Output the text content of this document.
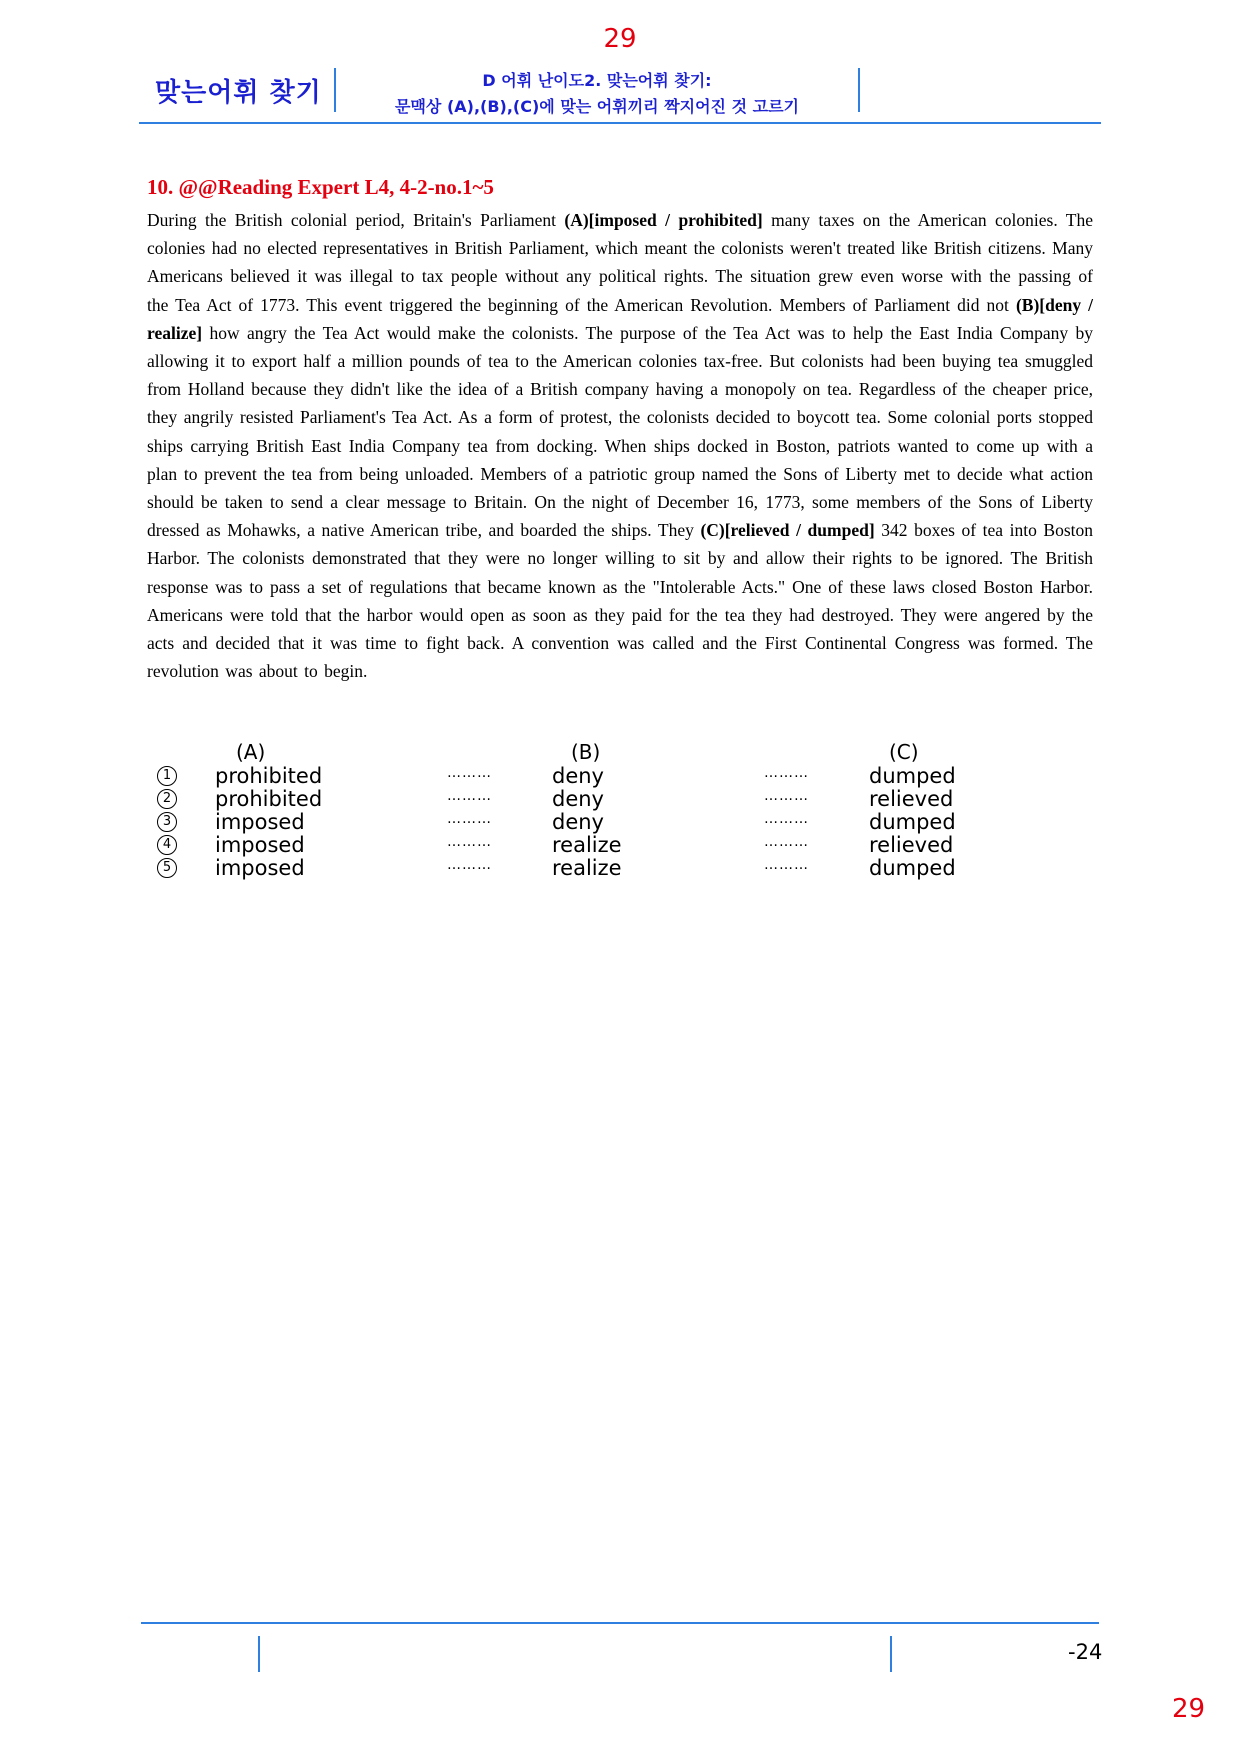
29
맞는어휘 찾기	D 어휘 난이도2. 맞는어휘 찾기:
문맥상 (A),(B),(C)에 맞는 어휘끼리 짝지어진 것 고르기
10. @@Reading Expert L4, 4-2-no.1~5
During the British colonial period, Britain's Parliament (A)[imposed / prohibited] many taxes on the American colonies. The colonies had no elected representatives in British Parliament, which meant the colonists weren't treated like British citizens. Many Americans believed it was illegal to tax people without any political rights. The situation grew even worse with the passing of the Tea Act of 1773. This event triggered the beginning of the American Revolution. Members of Parliament did not (B)[deny / realize] how angry the Tea Act would make the colonists. The purpose of the Tea Act was to help the East India Company by allowing it to export half a million pounds of tea to the American colonies tax-free. But colonists had been buying tea smuggled from Holland because they didn't like the idea of a British company having a monopoly on tea. Regardless of the cheaper price, they angrily resisted Parliament's Tea Act. As a form of protest, the colonists decided to boycott tea. Some colonial ports stopped ships carrying British East India Company tea from docking. When ships docked in Boston, patriots wanted to come up with a plan to prevent the tea from being unloaded. Members of a patriotic group named the Sons of Liberty met to decide what action should be taken to send a clear message to Britain. On the night of December 16, 1773, some members of the Sons of Liberty dressed as Mohawks, a native American tribe, and boarded the ships. They (C)[relieved / dumped] 342 boxes of tea into Boston Harbor. The colonists demonstrated that they were no longer willing to sit by and allow their rights to be ignored. The British response was to pass a set of regulations that became known as the "Intolerable Acts." One of these laws closed Boston Harbor. Americans were told that the harbor would open as soon as they paid for the tea they had destroyed. They were angered by the acts and decided that it was time to fight back. A convention was called and the First Continental Congress was formed. The revolution was about to begin.
(A)	(B)	(C)
1 prohibited	………	deny	………	dumped
2 prohibited	………	deny	………	relieved
3 imposed	………	deny	………	dumped
4 imposed	………	realize	………	relieved
5 imposed	………	realize	………	dumped
-24
29
